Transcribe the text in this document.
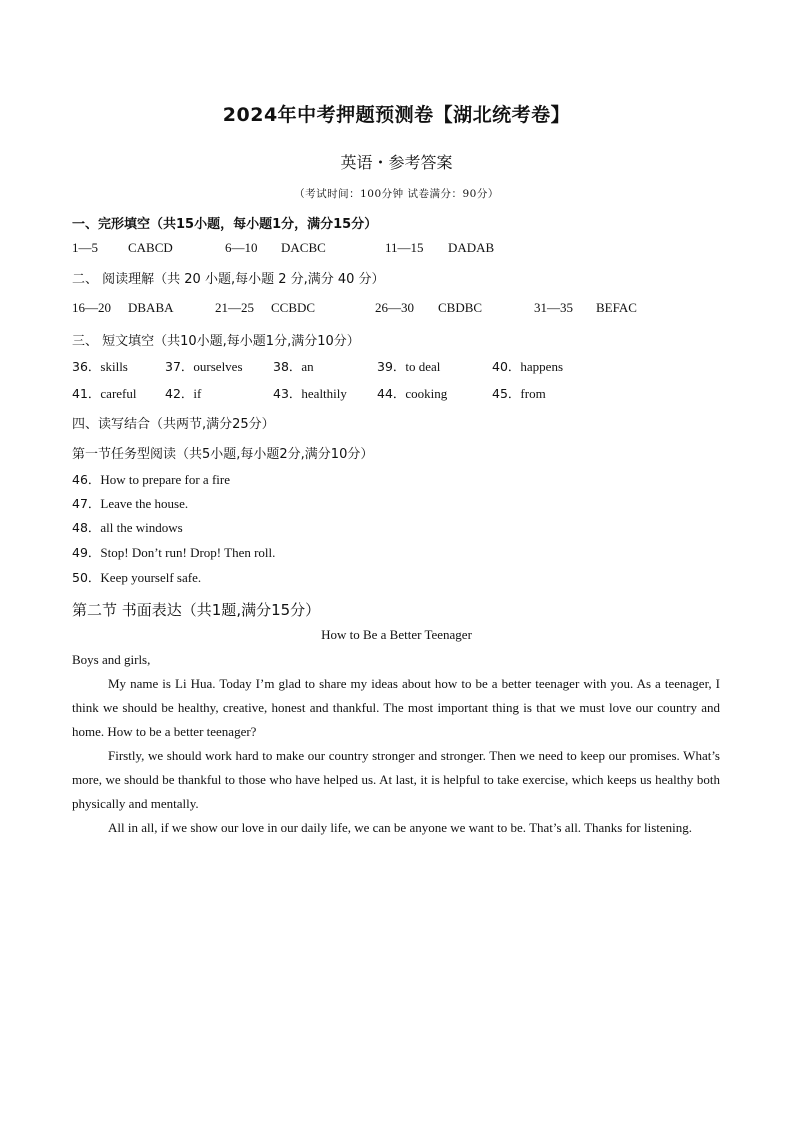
2024年中考押题预测卷【湖北统考卷】
英语・参考答案
（考试时间：100分钟 试卷满分：90分）
一、完形填空（共15小题，每小题1分，满分15分）
1—5 CABCD	6—10 DACBC	11—15 DADAB
二、 阅读理解（共 20 小题,每小题 2 分,满分 40 分）
16—20 DBABA	21—25 CCBDC	26—30 CBDBC	31—35 BEFAC
三、 短文填空（共10小题,每小题1分,满分10分）
36．skills	37．ourselves 38．an	39．to deal	40．happens
41．careful 42．if	43．healthily 44．cooking	45．from
四、读写结合（共两节,满分25分）
第一节任务型阅读（共5小题,每小题2分,满分10分）
46．How to prepare for a fire
47．Leave the house.
48．all the windows
49．Stop! Don’t run! Drop! Then roll.
50．Keep yourself safe.
第二节 书面表达（共1题,满分15分）
How to Be a Better Teenager
Boys and girls,
My name is Li Hua. Today I’m glad to share my ideas about how to be a better teenager with you. As a teenager, I think we should be healthy, creative, honest and thankful. The most important thing is that we must love our country and home. How to be a better teenager?
Firstly, we should work hard to make our country stronger and stronger. Then we need to keep our promises. What’s more, we should be thankful to those who have helped us. At last, it is helpful to take exercise, which keeps us healthy both physically and mentally.
All in all, if we show our love in our daily life, we can be anyone we want to be. That’s all. Thanks for listening.
